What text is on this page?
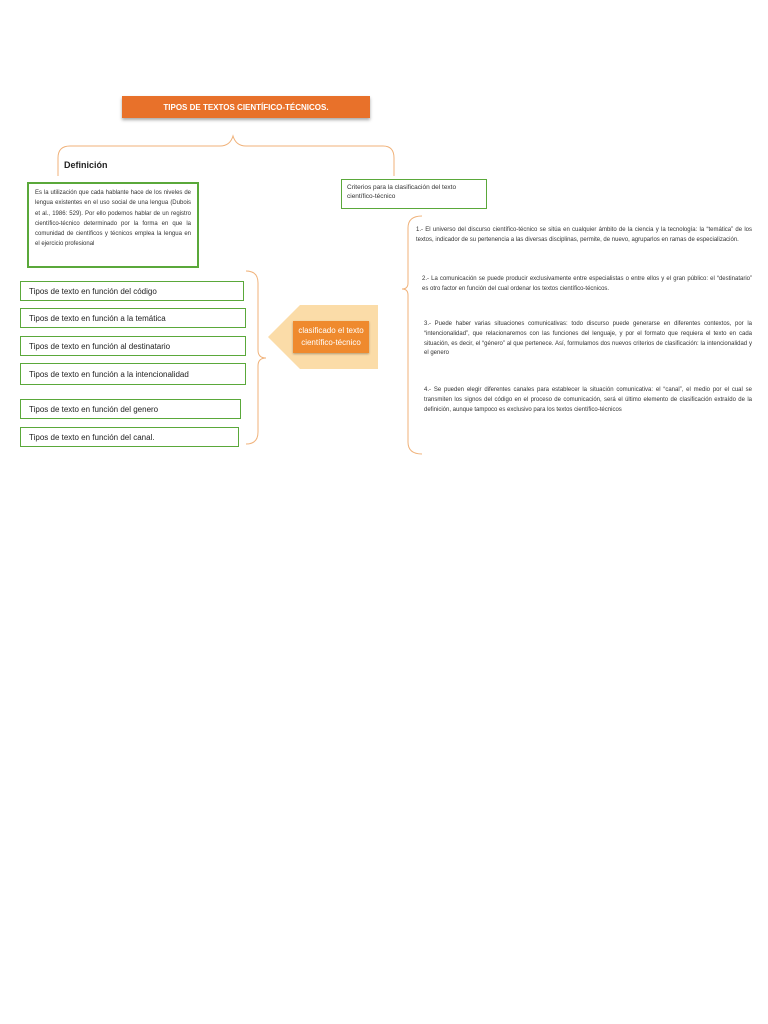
TIPOS DE TEXTOS CIENTÍFICO-TÉCNICOS.
Definición
Es la utilización que cada hablante hace de los niveles de lengua existentes en el uso social de una lengua (Dubois et al., 1986: 529). Por ello podemos hablar de un registro científico-técnico determinado por la forma en que la comunidad de científicos y técnicos emplea la lengua en el ejercicio profesional
Criterios para la clasificación del texto científico-técnico
Tipos de texto en función del código
Tipos de texto en función a la temática
Tipos de texto en función al destinatario
Tipos de texto en función a la intencionalidad
Tipos de texto en función del genero
Tipos de texto en función del canal.
clasificado el texto científico-técnico
1.- El universo del discurso científico-técnico se sitúa en cualquier ámbito de la ciencia y la tecnología: la “temática” de los textos, indicador de su pertenencia a las diversas disciplinas, permite, de nuevo, agruparlos en ramas de especialización.
2.- La comunicación se puede producir exclusivamente entre especialistas o entre ellos y el gran público: el “destinatario” es otro factor en función del cual ordenar los textos científico-técnicos.
3.- Puede haber varias situaciones comunicativas: todo discurso puede generarse en diferentes contextos, por la “intencionalidad”, que relacionaremos con las funciones del lenguaje, y por el formato que requiera el texto en cada situación, es decir, el “género” al que pertenece. Así, formulamos dos nuevos criterios de clasificación: la intencionalidad y el genero
4.- Se pueden elegir diferentes canales para establecer la situación comunicativa: el “canal”, el medio por el cual se transmiten los signos del código en el proceso de comunicación, será el último elemento de clasificación extraído de la definición, aunque tampoco es exclusivo para los textos científico-técnicos
